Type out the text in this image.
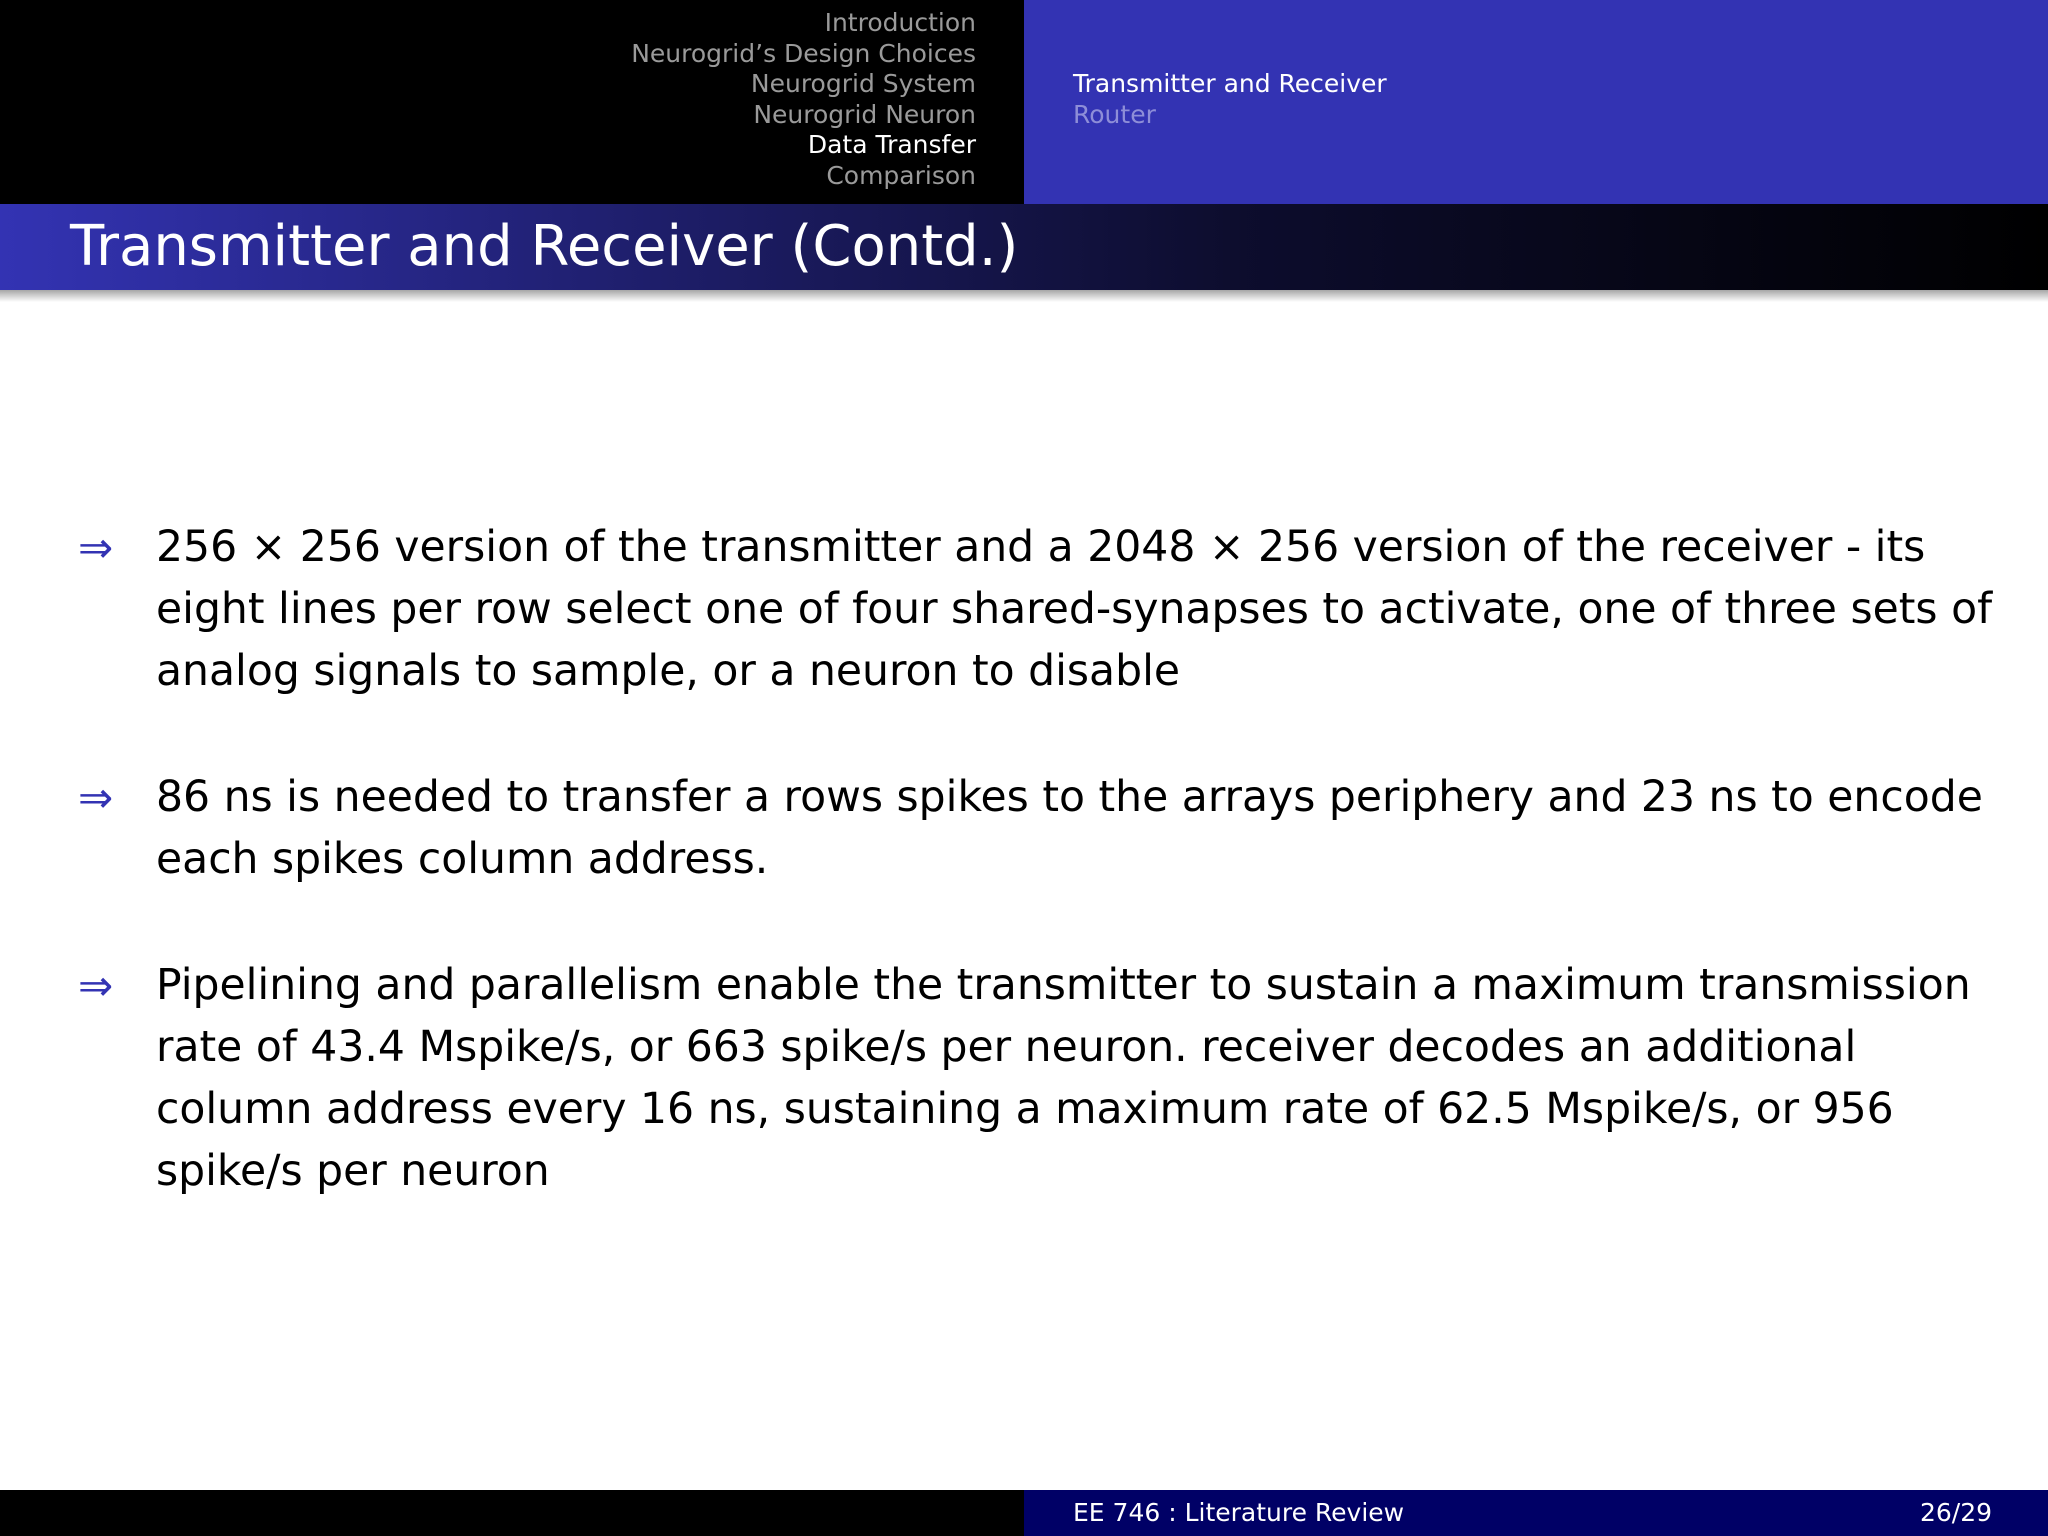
Introduction
Neurogrid’s Design Choices
Neurogrid System
Neurogrid Neuron
Data Transfer
Comparison
Transmitter and Receiver
Router
Transmitter and Receiver (Contd.)
⇒ 256 × 256 version of the transmitter and a 2048 × 256 version of the receiver - its eight lines per row select one of four shared-synapses to activate, one of three sets of analog signals to sample, or a neuron to disable
⇒ 86 ns is needed to transfer a rows spikes to the arrays periphery and 23 ns to encode each spikes column address.
⇒ Pipelining and parallelism enable the transmitter to sustain a maximum transmission rate of 43.4 Mspike/s, or 663 spike/s per neuron. receiver decodes an additional column address every 16 ns, sustaining a maximum rate of 62.5 Mspike/s, or 956 spike/s per neuron
EE 746 : Literature Review	26/29
